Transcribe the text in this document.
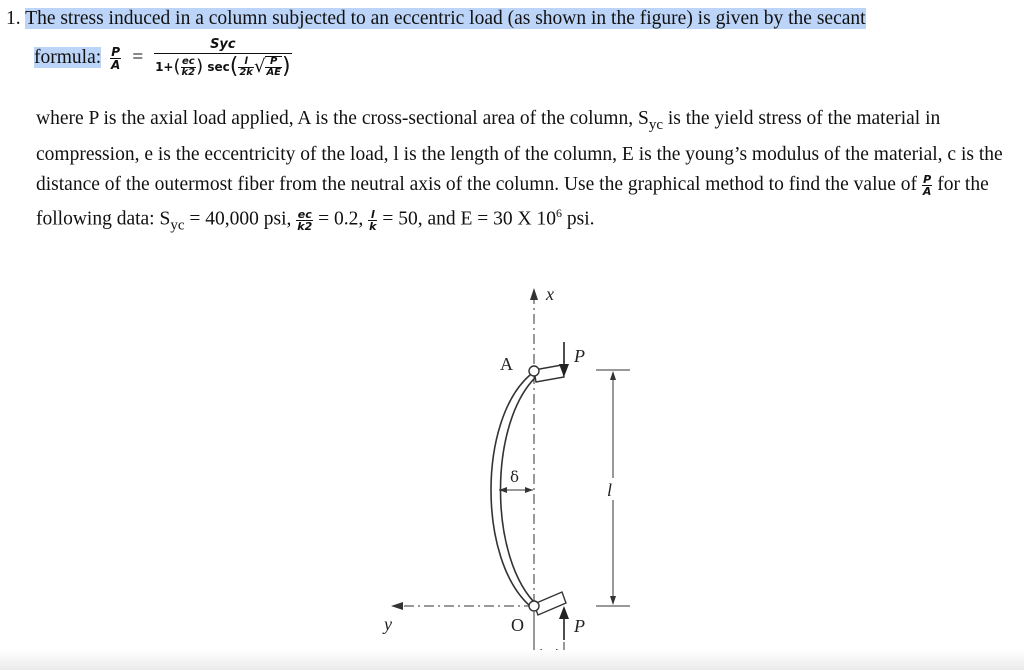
1. The stress induced in a column subjected to an eccentric load (as shown in the figure) is given by the secant
formula: $\frac{P}{A} = \frac{\text{Syc}}{1+( \frac{ec}{k2} ) \sec( \frac{l}{2k} √ \frac{P}{AE} )}$

where P is the axial load applied, A is the cross-sectional area of the column, $S_{yc}$ is the yield stress of the material in compression, e is the eccentricity of the load, l is the length of the column, E is the young’s modulus of the material, c is the distance of the outermost fiber from the neutral axis of the column. Use the graphical method to find the value of $\frac{P}{A}$ for the following data: $S_{yc} = 40,000$ psi, $\frac{ec}{k2} = 0.2$, $\frac{l}{k} = 50$, and E = 30 X $10^6$ psi.

x
y
A
O
P
P
δ
l
